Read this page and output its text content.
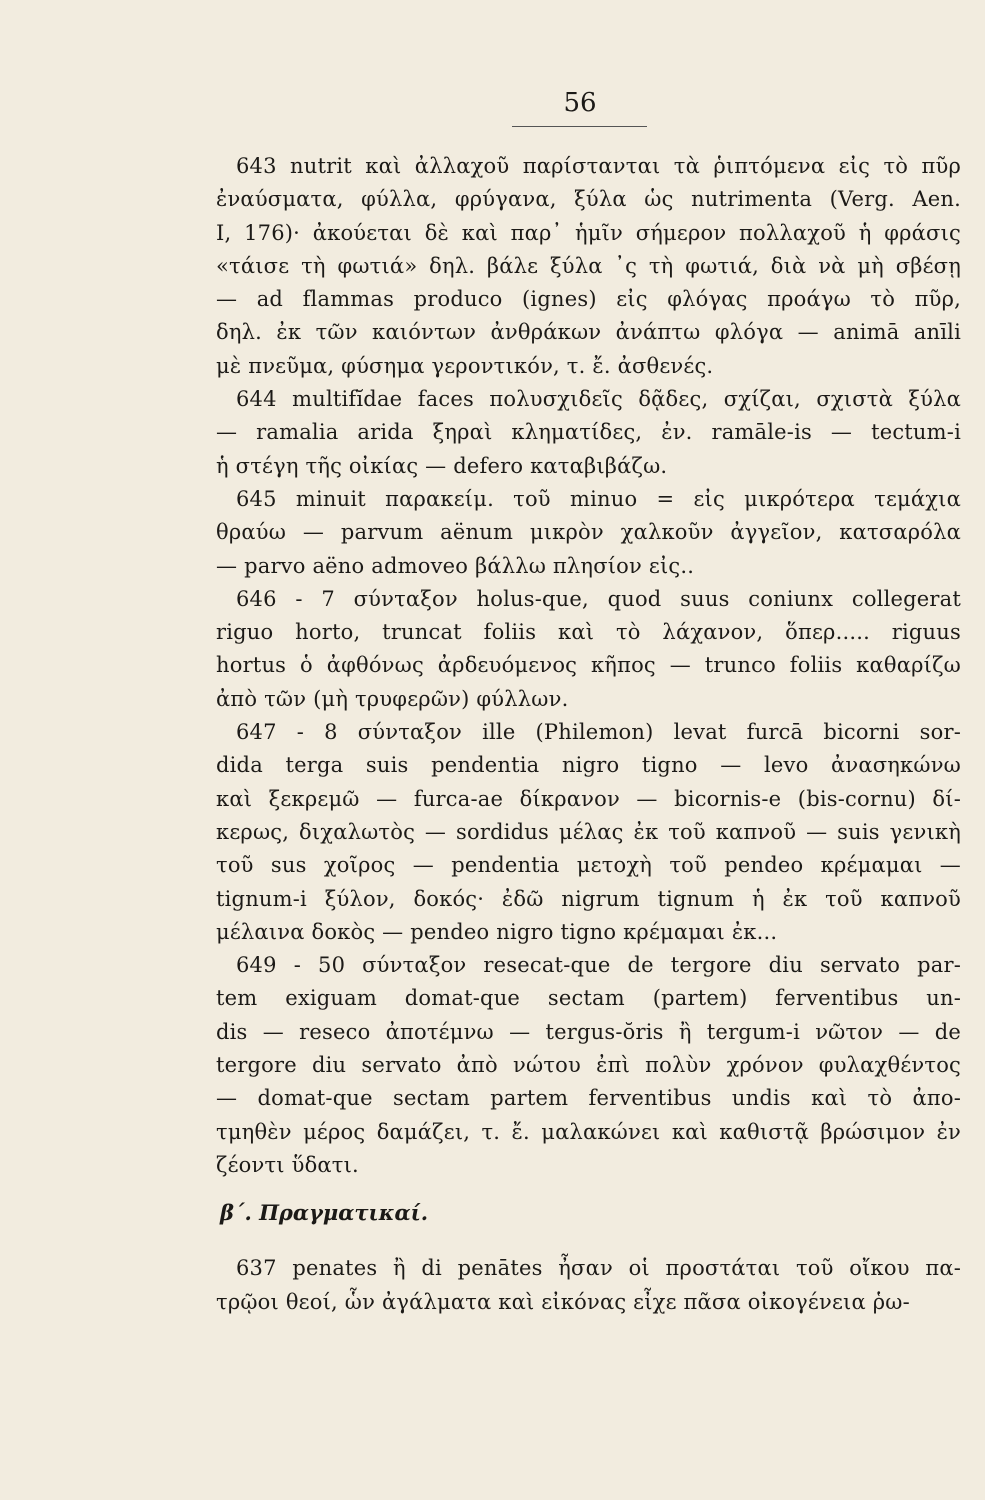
56
643 nutrit καὶ ἀλλαχοῦ παρίστανται τὰ ῥιπτόμενα εἰς τὸ πῦρ
ἐναύσματα, φύλλα, φρύγανα, ξύλα ὡς nutrimenta (Verg. Aen.
I, 176)· ἀκούεται δὲ καὶ παρ᾽ ἡμῖν σήμερον πολλαχοῦ ἡ φράσις
«τάισε τὴ φωτιά» δηλ. βάλε ξύλα ᾽ς τὴ φωτιά, διὰ νὰ μὴ σβέσῃ
— ad flammas produco (ignes) εἰς φλόγας προάγω τὸ πῦρ,
δηλ. ἐκ τῶν καιόντων ἀνθράκων ἀνάπτω φλόγα — animā anīli
μὲ πνεῦμα, φύσημα γεροντικόν, τ. ἔ. ἀσθενές.
644 multifĭdae faces πολυσχιδεῖς δᾷδες, σχίζαι, σχιστὰ ξύλα
— ramalia arida ξηραὶ κληματίδες, ἐν. ramāle-is — tectum-i
ἡ στέγη τῆς οἰκίας — defero καταβιβάζω.
645 minuit παρακείμ. τοῦ minuo = εἰς μικρότερα τεμάχια
θραύω — parvum aënum μικρὸν χαλκοῦν ἀγγεῖον, κατσαρόλα
— parvo aëno admoveo βάλλω πλησίον εἰς..
646 - 7 σύνταξον holus-que, quod suus coniunx collegerat
riguo horto, truncat foliis καὶ τὸ λάχανον, ὅπερ..... riguus
hortus ὁ ἀφθόνως ἀρδευόμενος κῆπος — trunco foliis καθαρίζω
ἀπὸ τῶν (μὴ τρυφερῶν) φύλλων.
647 - 8 σύνταξον ille (Philemon) levat furcā bicorni sor-
dida terga suis pendentia nigro tigno — levo ἀνασηκώνω
καὶ ξεκρεμῶ — furca-ae δίκρανον — bicornis-e (bis-cornu) δί-
κερως, διχαλωτὸς — sordidus μέλας ἐκ τοῦ καπνοῦ — suis γενικὴ
τοῦ sus χοῖρος — pendentia μετοχὴ τοῦ pendeo κρέμαμαι —
tignum-i ξύλον, δοκός· ἐδῶ nigrum tignum ἡ ἐκ τοῦ καπνοῦ
μέλαινα δοκὸς — pendeo nigro tigno κρέμαμαι ἐκ...
649 - 50 σύνταξον resecat-que de tergore diu servato par-
tem exiguam domat-que sectam (partem) ferventibus un-
dis — reseco ἀποτέμνω — tergus-ŏris ἢ tergum-i νῶτον — de
tergore diu servato ἀπὸ νώτου ἐπὶ πολὺν χρόνον φυλαχθέντος
— domat-que sectam partem ferventibus undis καὶ τὸ ἀπο-
τμηθὲν μέρος δαμάζει, τ. ἔ. μαλακώνει καὶ καθιστᾷ βρώσιμον ἐν
ζέοντι ὕδατι.
β΄. Πραγματικαί.
637 penates ἢ di penātes ἦσαν οἱ προστάται τοῦ οἴκου πα-
τρῷοι θεοί, ὧν ἀγάλματα καὶ εἰκόνας εἶχε πᾶσα οἰκογένεια ῥω-
